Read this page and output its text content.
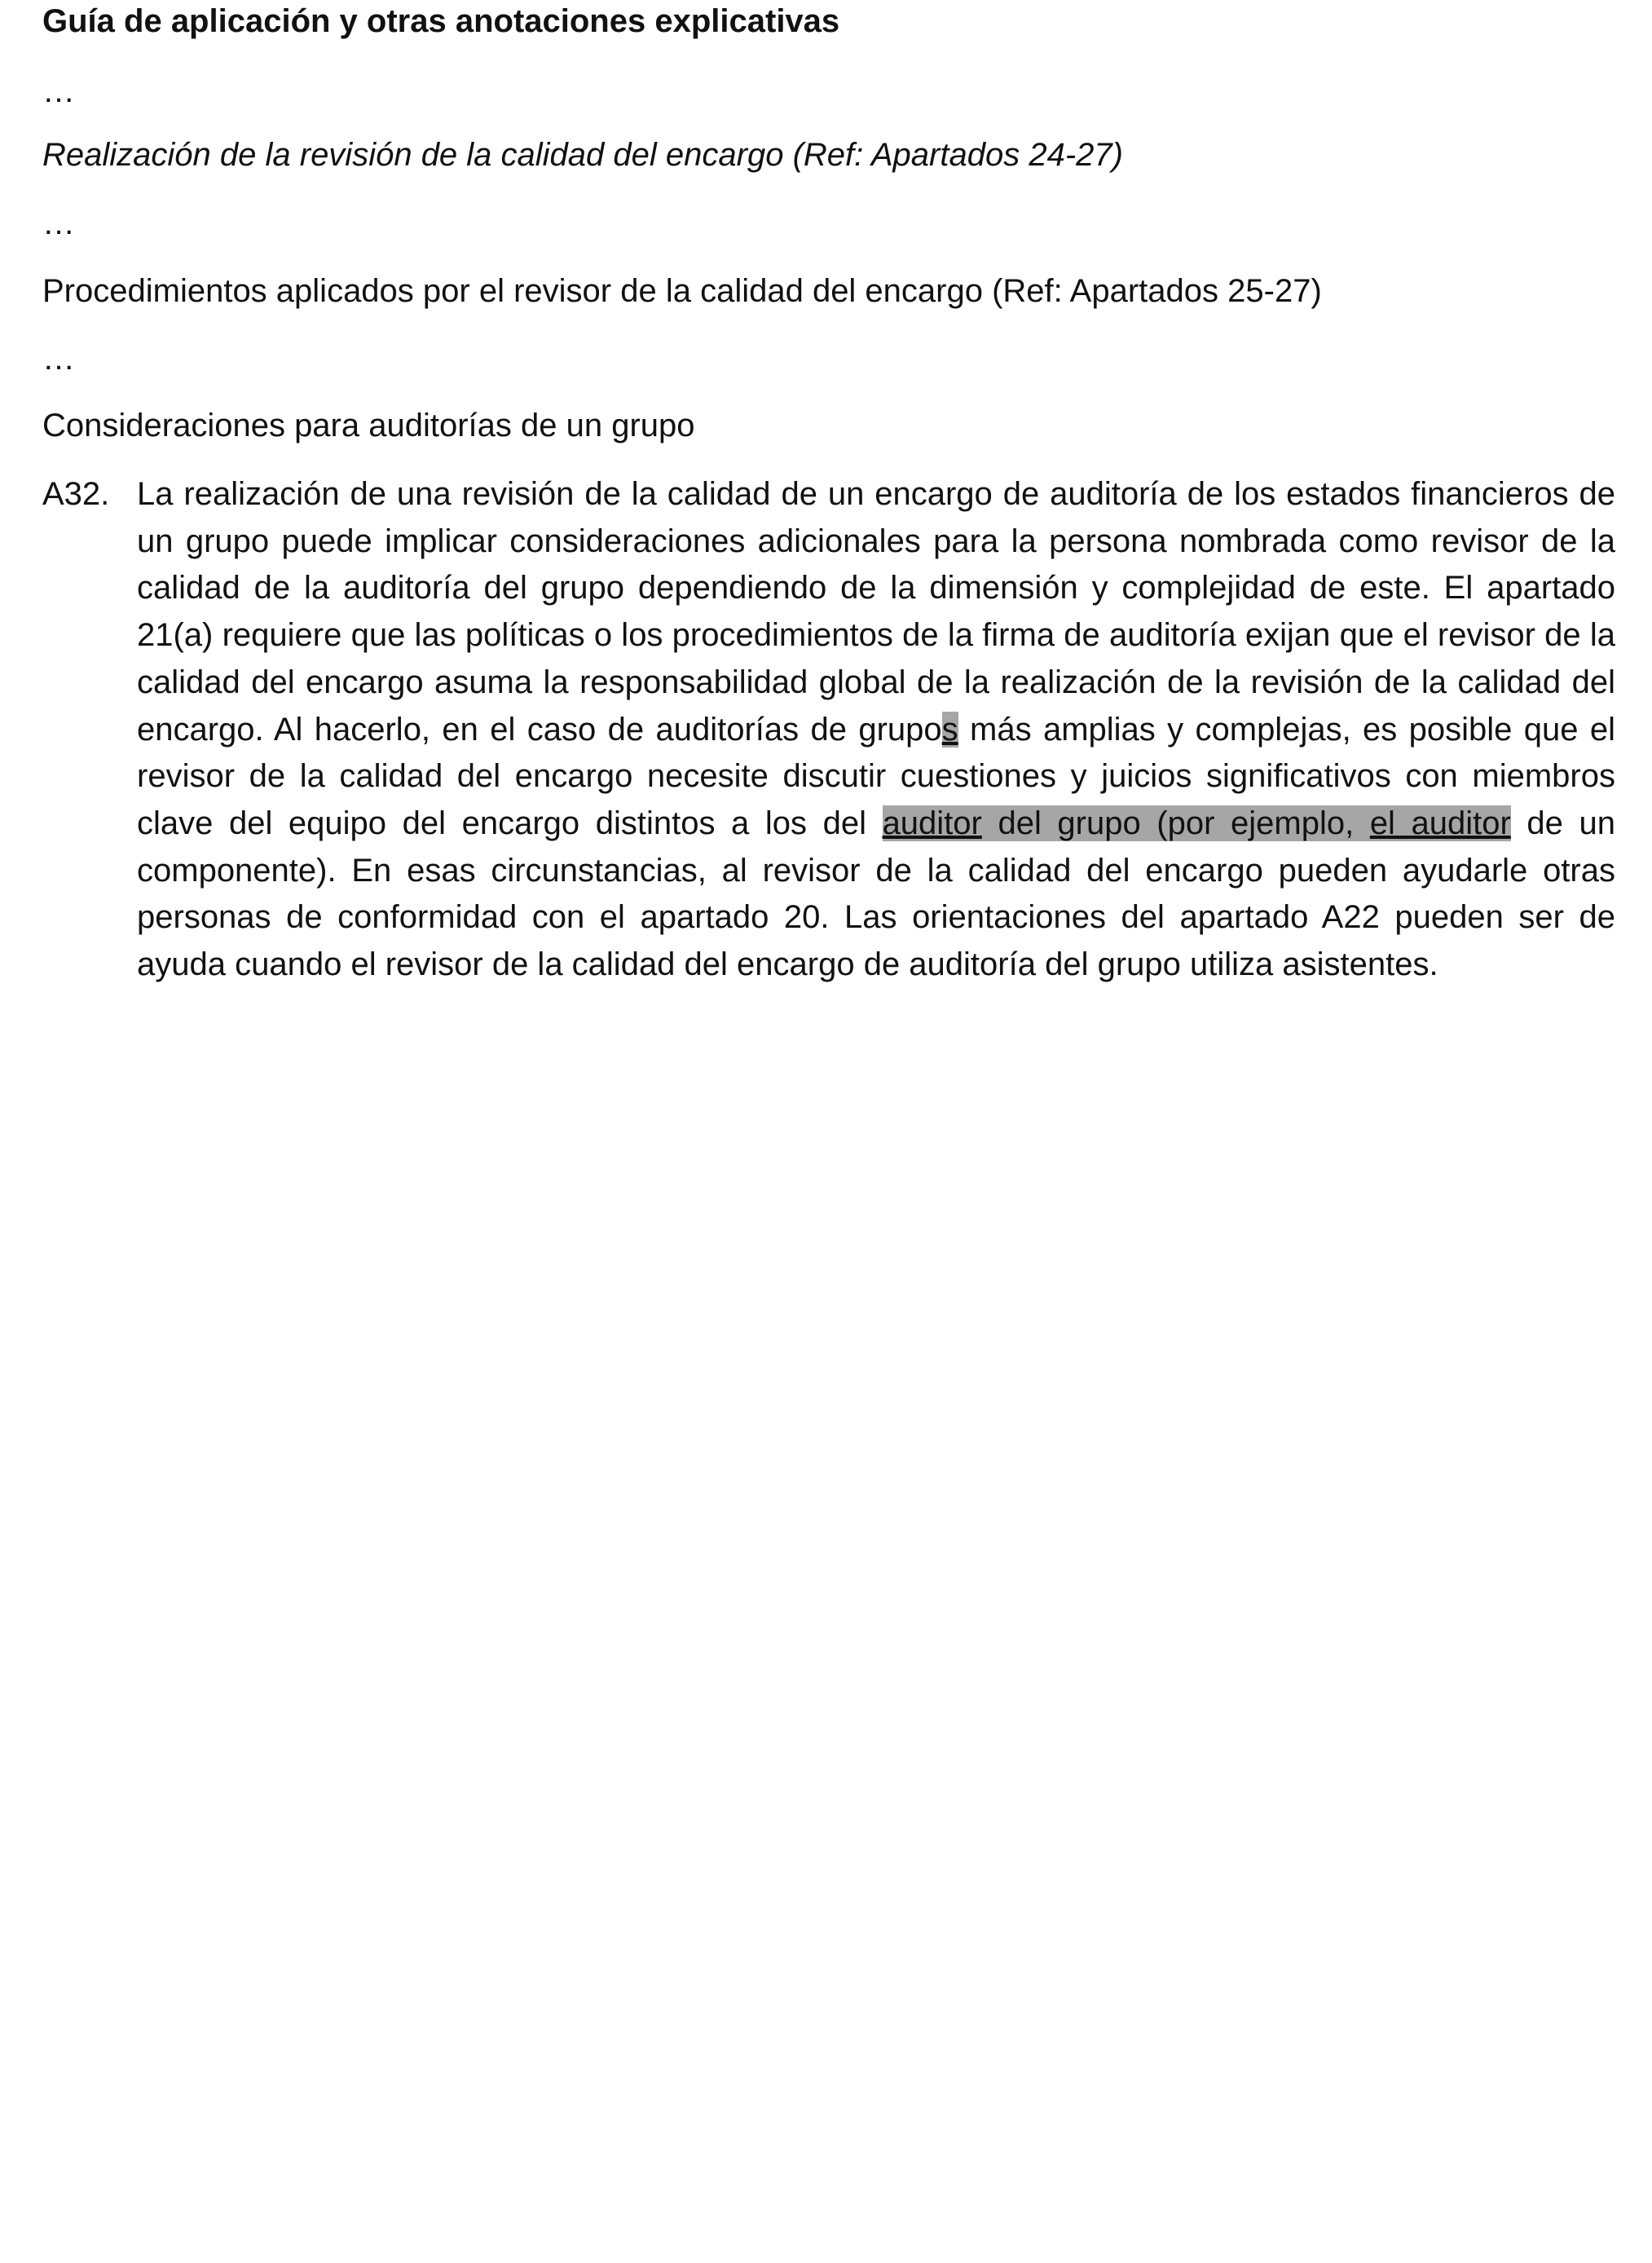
Guía de aplicación y otras anotaciones explicativas
…
Realización de la revisión de la calidad del encargo (Ref: Apartados 24-27)
…
Procedimientos aplicados por el revisor de la calidad del encargo (Ref: Apartados 25-27)
…
Consideraciones para auditorías de un grupo
A32. La realización de una revisión de la calidad de un encargo de auditoría de los estados financieros de un grupo puede implicar consideraciones adicionales para la persona nombrada como revisor de la calidad de la auditoría del grupo dependiendo de la dimensión y complejidad de este. El apartado 21(a) requiere que las políticas o los procedimientos de la firma de auditoría exijan que el revisor de la calidad del encargo asuma la responsabilidad global de la realización de la revisión de la calidad del encargo. Al hacerlo, en el caso de auditorías de grupos más amplias y complejas, es posible que el revisor de la calidad del encargo necesite discutir cuestiones y juicios significativos con miembros clave del equipo del encargo distintos a los del auditor del grupo (por ejemplo, el auditor de un componente). En esas circunstancias, al revisor de la calidad del encargo pueden ayudarle otras personas de conformidad con el apartado 20. Las orientaciones del apartado A22 pueden ser de ayuda cuando el revisor de la calidad del encargo de auditoría del grupo utiliza asistentes.
